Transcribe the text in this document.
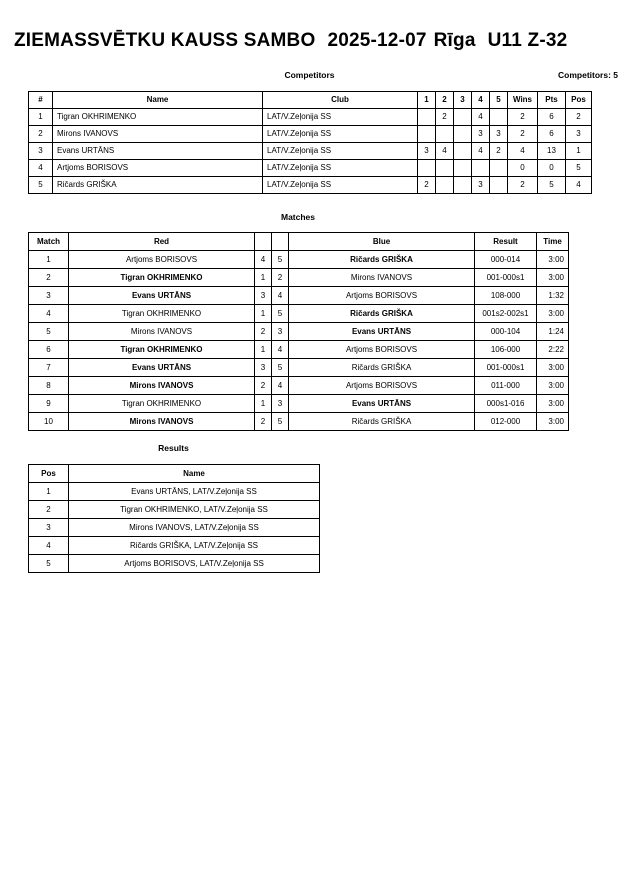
ZIEMASSVĒTKU KAUSS SAMBO 2025-12-07 Rīga U11 Z-32
Competitors	Competitors: 5
#	Name	Club	1	2	3	4	5	Wins	Pts	Pos
1	Tigran OKHRIMENKO	LAT/V.Zeļonija SS		2		4		2	6	2
2	Mirons IVANOVS	LAT/V.Zeļonija SS				3	3	2	6	3
3	Evans URTĀNS	LAT/V.Zeļonija SS	3	4		4	2	4	13	1
4	Artjoms BORISOVS	LAT/V.Zeļonija SS						0	0	5
5	Ričards GRIŠKA	LAT/V.Zeļonija SS	2			3		2	5	4
Matches
Match	Red			Blue	Result	Time
1	Artjoms BORISOVS	4	5	Ričards GRIŠKA	000-014	3:00
2	Tigran OKHRIMENKO	1	2	Mirons IVANOVS	001-000s1	3:00
3	Evans URTĀNS	3	4	Artjoms BORISOVS	108-000	1:32
4	Tigran OKHRIMENKO	1	5	Ričards GRIŠKA	001s2-002s1	3:00
5	Mirons IVANOVS	2	3	Evans URTĀNS	000-104	1:24
6	Tigran OKHRIMENKO	1	4	Artjoms BORISOVS	106-000	2:22
7	Evans URTĀNS	3	5	Ričards GRIŠKA	001-000s1	3:00
8	Mirons IVANOVS	2	4	Artjoms BORISOVS	011-000	3:00
9	Tigran OKHRIMENKO	1	3	Evans URTĀNS	000s1-016	3:00
10	Mirons IVANOVS	2	5	Ričards GRIŠKA	012-000	3:00
Results
Pos	Name
1	Evans URTĀNS, LAT/V.Zeļonija SS
2	Tigran OKHRIMENKO, LAT/V.Zeļonija SS
3	Mirons IVANOVS, LAT/V.Zeļonija SS
4	Ričards GRIŠKA, LAT/V.Zeļonija SS
5	Artjoms BORISOVS, LAT/V.Zeļonija SS
